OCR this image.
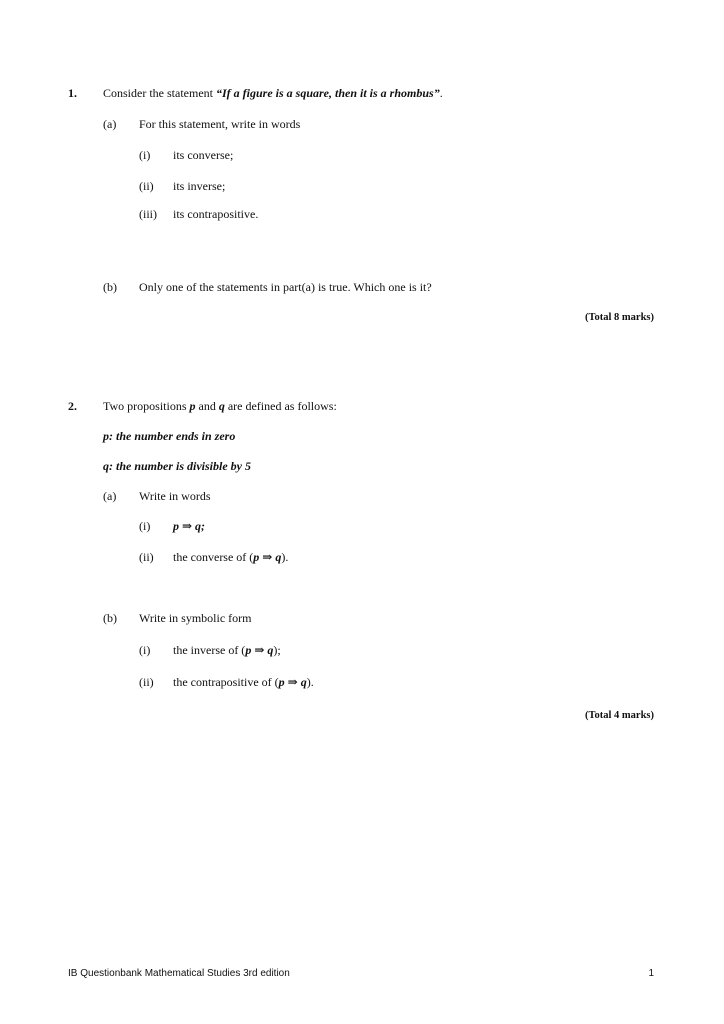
1. Consider the statement “If a figure is a square, then it is a rhombus”.
(a) For this statement, write in words
(i) its converse;
(ii) its inverse;
(iii) its contrapositive.
(b) Only one of the statements in part(a) is true. Which one is it?
(Total 8 marks)
2. Two propositions p and q are defined as follows:
p: the number ends in zero
q: the number is divisible by 5
(a) Write in words
(i) p ⇒ q;
(ii) the converse of (p ⇒ q).
(b) Write in symbolic form
(i) the inverse of (p ⇒ q);
(ii) the contrapositive of (p ⇒ q).
(Total 4 marks)
IB Questionbank Mathematical Studies 3rd edition	1
